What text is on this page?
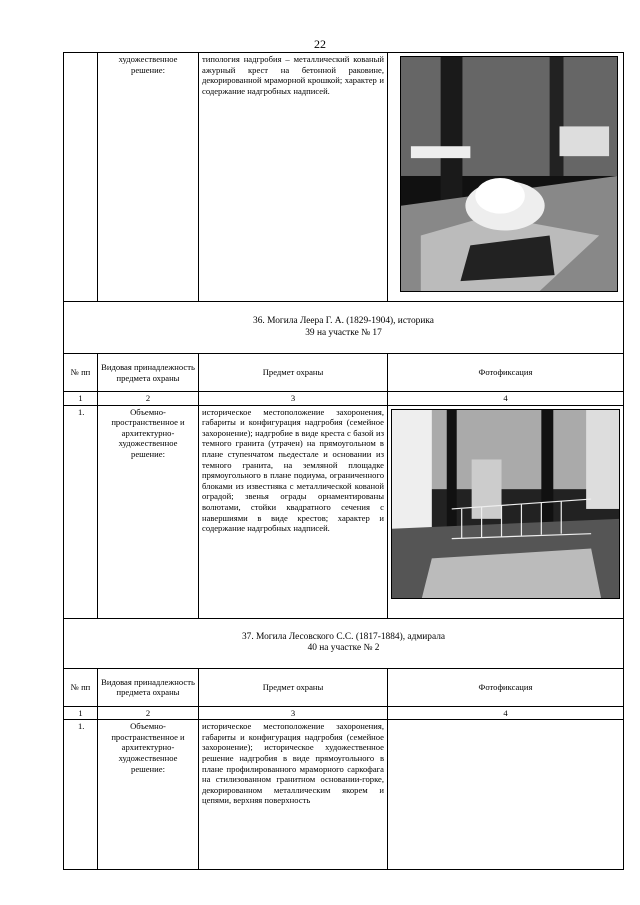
22
	художественное решение:	типология надгробия – металлический кованый ажурный крест на бетонной раковине, декорированной мраморной крошкой; характер и содержание надгробных надписей.	

36. Могила Леера Г. А. (1829-1904), историка
39 на участке № 17			

№ пп	Видовая принадлежность предмета охраны	Предмет охраны	Фотофиксация
1	2	3	4
1.	Объемно-пространственное и архитектурно-художественное решение:	историческое местоположение захоронения, габариты и конфигурация надгробия (семейное захоронение); надгробие в виде креста с базой из темного гранита (утрачен) на прямоугольном в плане ступенчатом пьедестале и основании из темного гранита, на земляной площадке прямоугольного в плане подиума, ограниченного блоками из известняка с металлической кованой оградой; звенья ограды орнаментированы волютами, стойки квадратного сечения с навершиями в виде крестов; характер и содержание надгробных надписей.	

37. Могила Лесовского С.С. (1817-1884), адмирала
40 на участке № 2			

№ пп	Видовая принадлежность предмета охраны	Предмет охраны	Фотофиксация
1	2	3	4
1.	Объемно-пространственное и архитектурно-художественное решение:	историческое местоположение захоронения, габариты и конфигурация надгробия (семейное захоронение); историческое художественное решение надгробия в виде прямоугольного в плане профилированного мраморного саркофага на стилизованном гранитном основании-горке, декорированном металлическим якорем и цепями, верхняя поверхность	
